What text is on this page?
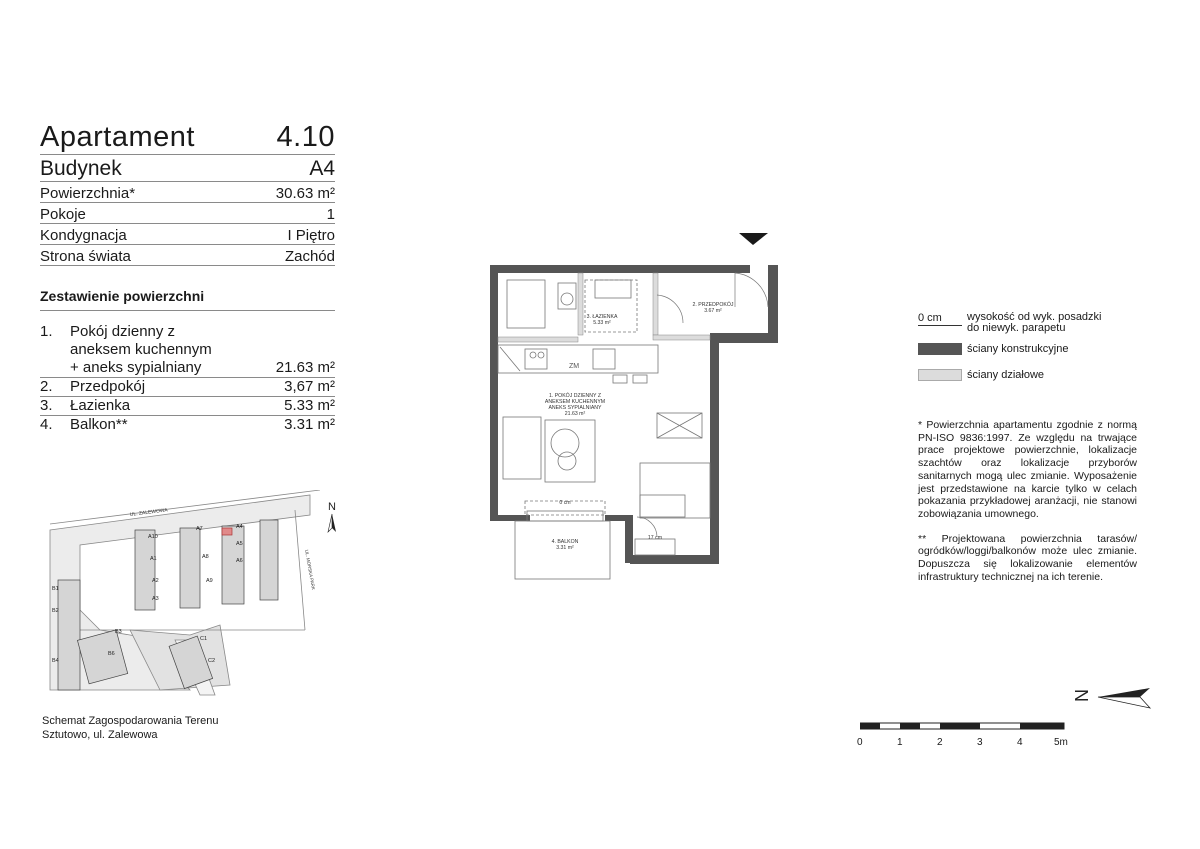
Apartament	4.10
Budynek	A4
Powierzchnia*	30.63 m²
Pokoje	1
Kondygnacja	I Piętro
Strona świata	Zachód
Zestawienie powierzchni
1.	Pokój dzienny z aneksem kuchennym + aneks sypialniany	21.63 m²
2.	Przedpokój	3,67 m²
3.	Łazienka	5.33 m²
4.	Balkon**	3.31 m²
UL. ZALEWOWA
UL. MORSKA PARK
A4
A5
A6
A7
A8
A9
A10
A1
A2
A3
B1
B2
B3
B4
B6
C1
C2
N
Schemat Zagospodarowania Terenu
Sztutowo, ul. Zalewowa
ZM
1. POKÓJ DZIENNY Z
ANEKSEM KUCHENNYM
ANEKS SYPIALNIANY
21.63 m²
2. PRZEDPOKÓJ
3.67 m²
3. ŁAZIENKA
5.33 m²
4. BALKON
3.31 m²
0 cm
17 cm
0 cm	wysokość od wyk. posadzki
do niewyk. parapetu
ściany konstrukcyjne
ściany działowe

* Powierzchnia apartamentu zgodnie z normą PN-ISO 9836:1997. Ze względu na trwające prace projektowe powierzchnie, lokalizacje szachtów oraz lokalizacje przyborów sanitarnych mogą ulec zmianie. Wyposażenie jest przedstawione na karcie tylko w celach pokazania przykładowej aranżacji, nie stanowi zobowiązania umownego.

** Projektowana powierzchnia tarasów/ ogródków/loggi/balkonów może ulec zmianie. Dopuszcza się lokalizowanie elementów infrastruktury technicznej na ich terenie.

N
0	1	2	3	4	5m
